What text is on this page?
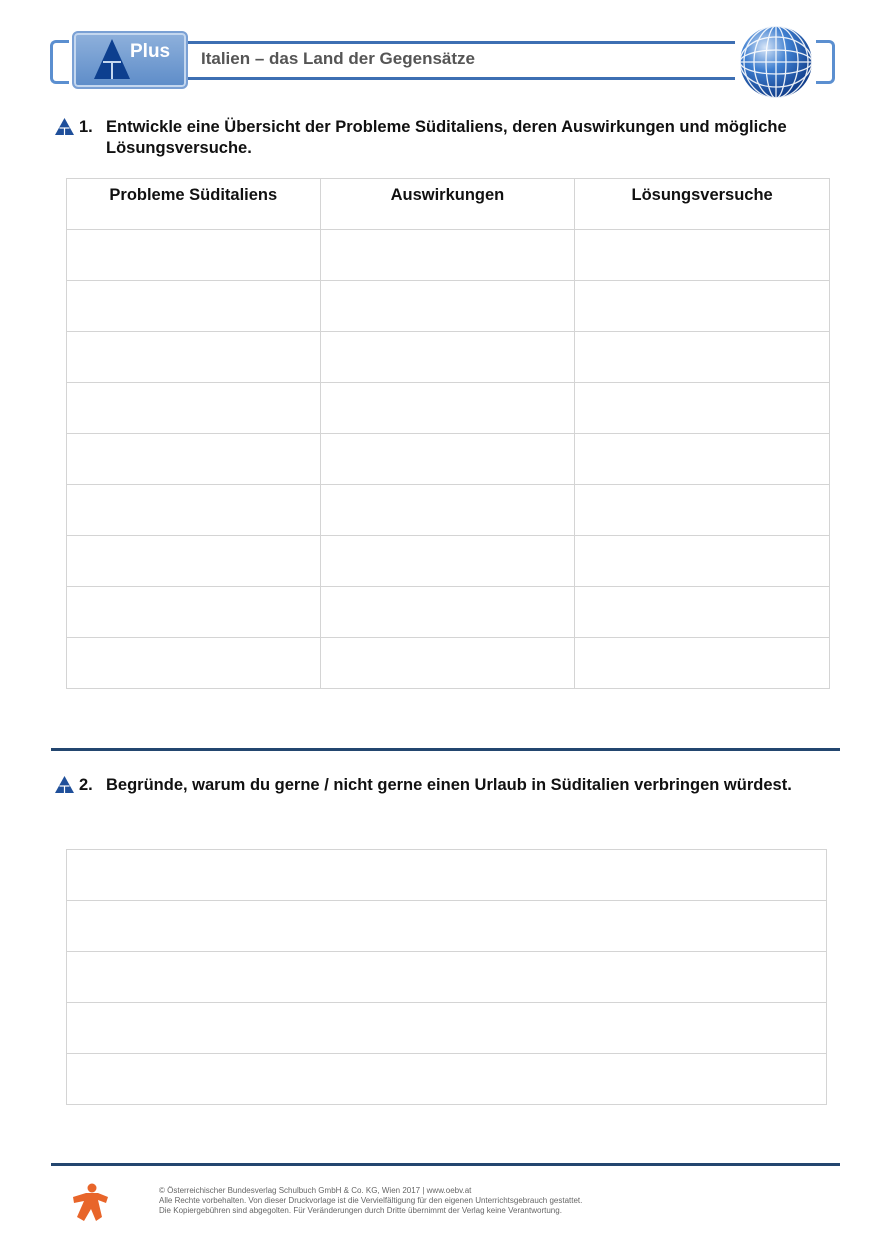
Plus Italien – das Land der Gegensätze
1. Entwickle eine Übersicht der Probleme Süditaliens, deren Auswirkungen und mögliche Lösungsversuche.
Probleme Süditaliens	Auswirkungen	Lösungsversuche

2. Begründe, warum du gerne / nicht gerne einen Urlaub in Süditalien verbringen würdest.

© Österreichischer Bundesverlag Schulbuch GmbH & Co. KG, Wien 2017 | www.oebv.at
Alle Rechte vorbehalten. Von dieser Druckvorlage ist die Vervielfältigung für den eigenen Unterrichtsgebrauch gestattet.
Die Kopiergebühren sind abgegolten. Für Veränderungen durch Dritte übernimmt der Verlag keine Verantwortung.
